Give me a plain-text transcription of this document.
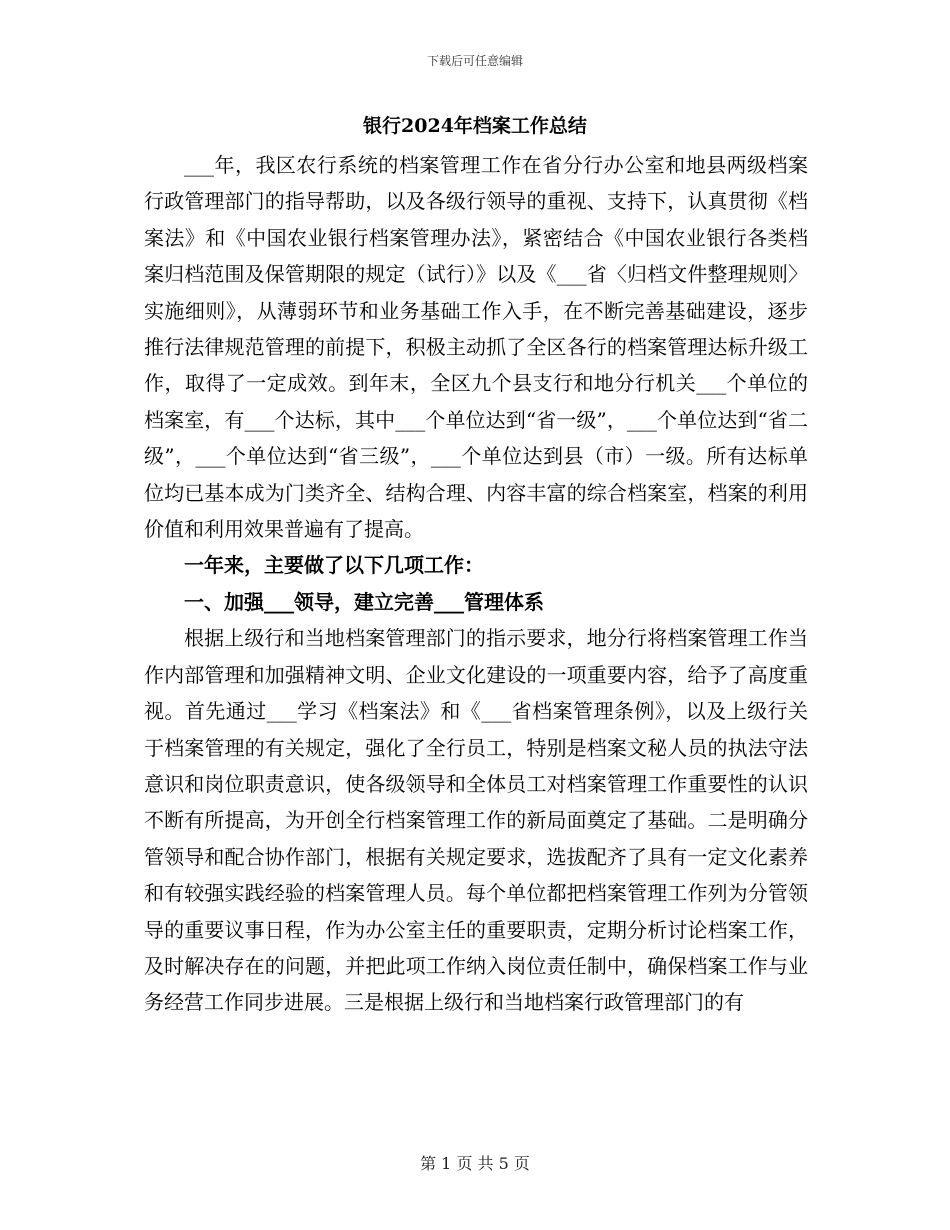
下载后可任意编辑
银行2024年档案工作总结

___年，我区农行系统的档案管理工作在省分行办公室和地县两级档案行政管理部门的指导帮助，以及各级行领导的重视、支持下，认真贯彻《档案法》和《中国农业银行档案管理办法》，紧密结合《中国农业银行各类档案归档范围及保管期限的规定（试行）》以及《___省〈归档文件整理规则〉实施细则》，从薄弱环节和业务基础工作入手，在不断完善基础建设，逐步推行法律规范管理的前提下，积极主动抓了全区各行的档案管理达标升级工作，取得了一定成效。到年末，全区九个县支行和地分行机关___个单位的档案室，有___个达标，其中___个单位达到“省一级”，___个单位达到“省二级”，___个单位达到“省三级”，___个单位达到县（市）一级。所有达标单位均已基本成为门类齐全、结构合理、内容丰富的综合档案室，档案的利用价值和利用效果普遍有了提高。

一年来，主要做了以下几项工作：

一、加强___领导，建立完善___管理体系

根据上级行和当地档案管理部门的指示要求，地分行将档案管理工作当作内部管理和加强精神文明、企业文化建设的一项重要内容，给予了高度重视。首先通过___学习《档案法》和《___省档案管理条例》，以及上级行关于档案管理的有关规定，强化了全行员工，特别是档案文秘人员的执法守法意识和岗位职责意识，使各级领导和全体员工对档案管理工作重要性的认识不断有所提高，为开创全行档案管理工作的新局面奠定了基础。二是明确分管领导和配合协作部门，根据有关规定要求，选拔配齐了具有一定文化素养和有较强实践经验的档案管理人员。每个单位都把档案管理工作列为分管领导的重要议事日程，作为办公室主任的重要职责，定期分析讨论档案工作，及时解决存在的问题，并把此项工作纳入岗位责任制中，确保档案工作与业务经营工作同步进展。三是根据上级行和当地档案行政管理部门的有

第 1 页 共 5 页
